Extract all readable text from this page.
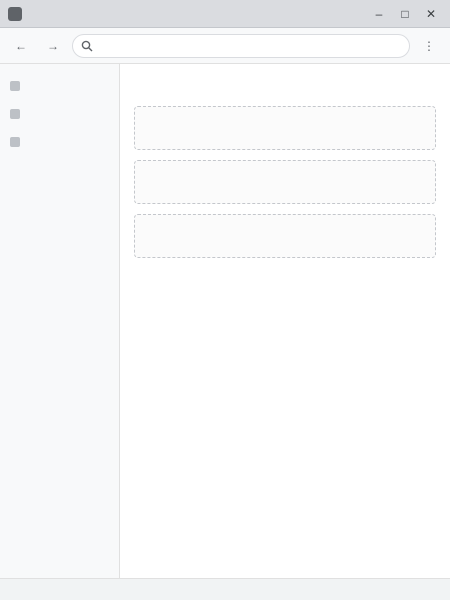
–	□	✕
←	→	⋮
